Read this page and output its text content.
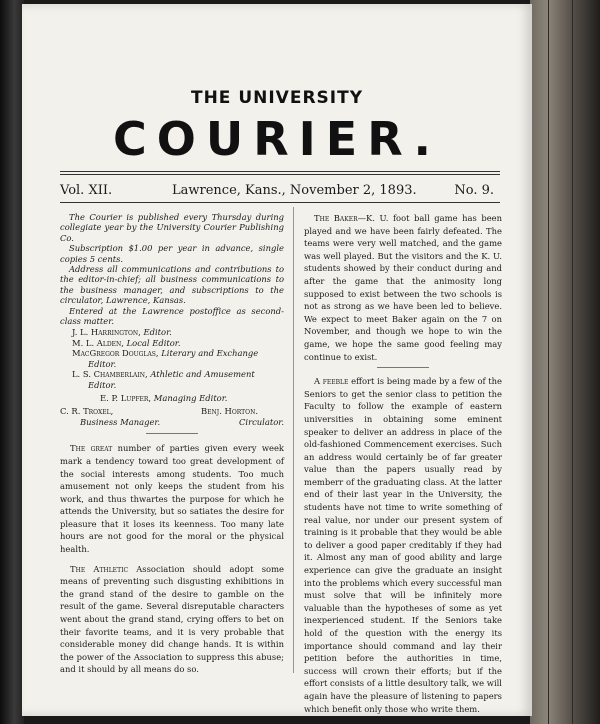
THE UNIVERSITY
COURIER.
Vol. XII.	Lawrence, Kans., November 2, 1893.	No. 9.

The Courier is published every Thursday during collegiate year by the University Courier Publishing Co.

Subscription $1.00 per year in advance, single copies 5 cents.

Address all communications and contributions to the editor-in-chief; all business communications to the business manager, and subscriptions to the circulator, Lawrence, Kansas.

Entered at the Lawrence postoffice as second-class matter.

J. L. Harrington, Editor.

M. L. Alden, Local Editor.

MacGregor Douglas, Literary and Exchange

Editor.

L. S. Chamberlain, Athletic and Amusement

Editor.

E. P. Lupfer, Managing Editor.

C. R. Troxel,
Business Manager.
Benj. Horton.
Circulator.

The great number of parties given every week mark a tendency toward too great development of the social interests among students. Too much amusement not only keeps the student from his work, and thus thwartes the purpose for which he attends the University, but so satiates the desire for pleasure that it loses its keenness. Too many late hours are not good for the moral or the physical health.

The Athletic Association should adopt some means of preventing such disgusting exhibitions in the grand stand of the desire to gamble on the result of the game. Several disreputable characters went about the grand stand, crying offers to bet on their favorite teams, and it is very probable that considerable money did change hands. It is within the power of the Association to suppress this abuse; and it should by all means do so.

The Baker—K. U. foot ball game has been played and we have been fairly defeated. The teams were very well matched, and the game was well played. But the visitors and the K. U. students showed by their conduct during and after the game that the animosity long supposed to exist between the two schools is not as strong as we have been led to believe. We expect to meet Baker again on the 7 on November, and though we hope to win the game, we hope the same good feeling may continue to exist.

A feeble effort is being made by a few of the Seniors to get the senior class to petition the Faculty to follow the example of eastern universities in obtaining some eminent speaker to deliver an address in place of the old-fashioned Commencement exercises. Such an address would certainly be of far greater value than the papers usually read by memberr of the graduating class. At the latter end of their last year in the University, the students have not time to write something of real value, nor under our present system of training is it probable that they would be able to deliver a good paper creditably if they had it. Almost any man of good ability and large experience can give the graduate an insight into the problems which every successful man must solve that will be infinitely more valuable than the hypotheses of some as yet inexperienced student. If the Seniors take hold of the question with the energy its importance should command and lay their petition before the authorities in time, success will crown their efforts; but if the effort consists of a little desultory talk, we will again have the pleasure of listening to papers which benefit only those who write them.
